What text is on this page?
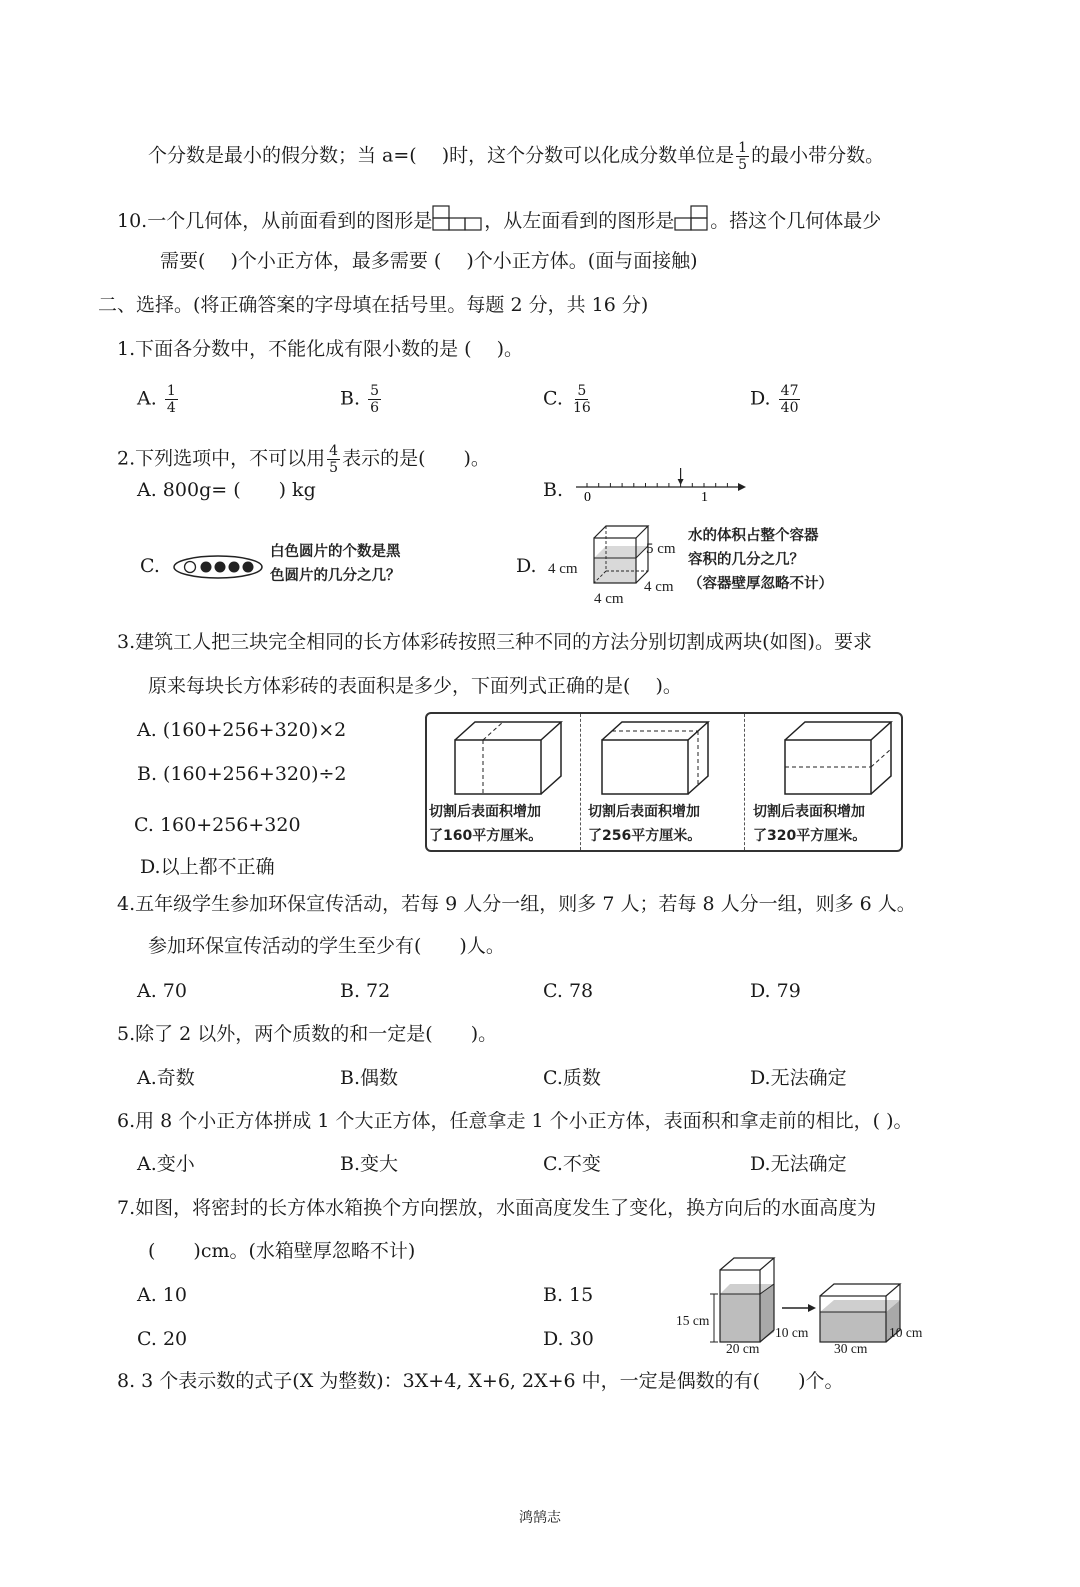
个分数是最小的假分数；当 a=(　 )时，这个分数可以化成分数单位是 $\frac{1}{5}$ 的最小带分数。
10.一个几何体，从前面看到的图形是	，从左面看到的图形是 。搭这个几何体最少
需要(　 )个小正方体，最多需要 (　 )个小正方体。(面与面接触)
二、选择。(将正确答案的字母填在括号里。每题 2 分，共 16 分)
1.下面各分数中，不能化成有限小数的是 (　 )。
A. $\frac{1}{4}$	B. $\frac{5}{6}$	C. $\frac{5}{16}$	D. $\frac{47}{40}$
2.下列选项中，不可以用 $\frac{4}{5}$ 表示的是(　　)。
A. 800g= (　　) kg	B. 0	1
C.
白色圆片的个数是黑
色圆片的几分之几？	D. 4 cm
5 cm
4 cm
4 cm
水的体积占整个容器
容积的几分之几？
（容器壁厚忽略不计）
3.建筑工人把三块完全相同的长方体彩砖按照三种不同的方法分别切割成两块(如图)。要求
原来每块长方体彩砖的表面积是多少，下面列式正确的是(　 )。
A. (160+256+320)×2
B. (160+256+320)÷2
C. 160+256+320
D.以上都不正确
切割后表面积增加
了160平方厘米。
切割后表面积增加
了256平方厘米。
切割后表面积增加
了320平方厘米。
4.五年级学生参加环保宣传活动，若每 9 人分一组，则多 7 人；若每 8 人分一组，则多 6 人。
参加环保宣传活动的学生至少有(　　)人。
A. 70	B. 72	C. 78	D. 79
5.除了 2 以外，两个质数的和一定是(　　)。
A.奇数	B.偶数	C.质数	D.无法确定
6.用 8 个小正方体拼成 1 个大正方体，任意拿走 1 个小正方体，表面积和拿走前的相比，( )。
A.变小	B.变大	C.不变	D.无法确定
7.如图，将密封的长方体水箱换个方向摆放，水面高度发生了变化，换方向后的水面高度为
(　　)cm。(水箱壁厚忽略不计)
A. 10	B. 15
C. 20	D. 30
15 cm
10 cm
20 cm
10 cm
30 cm
8. 3 个表示数的式子(X 为整数)：3X+4, X+6, 2X+6 中，一定是偶数的有(　　)个。
鸿鹄志
